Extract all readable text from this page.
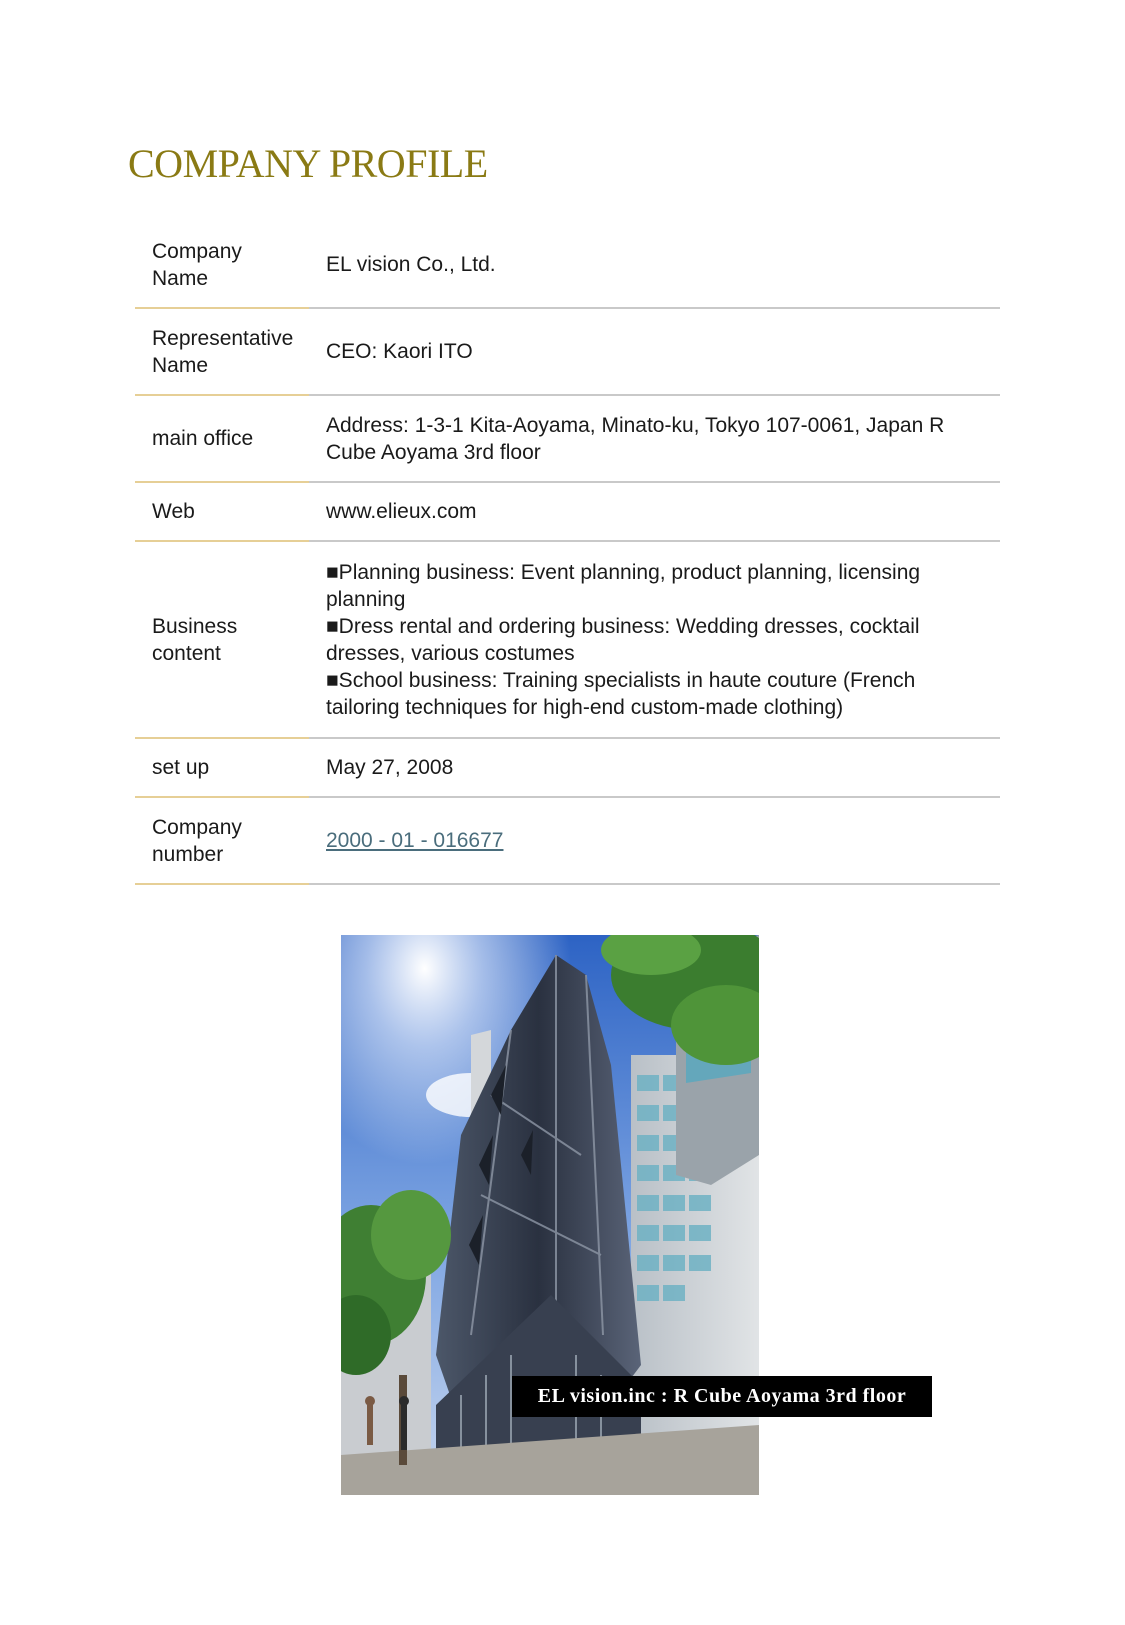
COMPANY PROFILE
Company Name	EL vision Co., Ltd.
Representative Name	CEO: Kaori ITO
main office	Address: 1-3-1 Kita-Aoyama, Minato-ku, Tokyo 107-0061, Japan R Cube Aoyama 3rd floor
Web	www.elieux.com
Business content	■Planning business: Event planning, product planning, licensing planning
■Dress rental and ordering business: Wedding dresses, cocktail dresses, various costumes
■School business: Training specialists in haute couture (French tailoring techniques for high-end custom-made clothing)

set up	May 27, 2008
Company number	2000 - 01 - 016677
EL vision.inc : R Cube Aoyama 3rd floor
